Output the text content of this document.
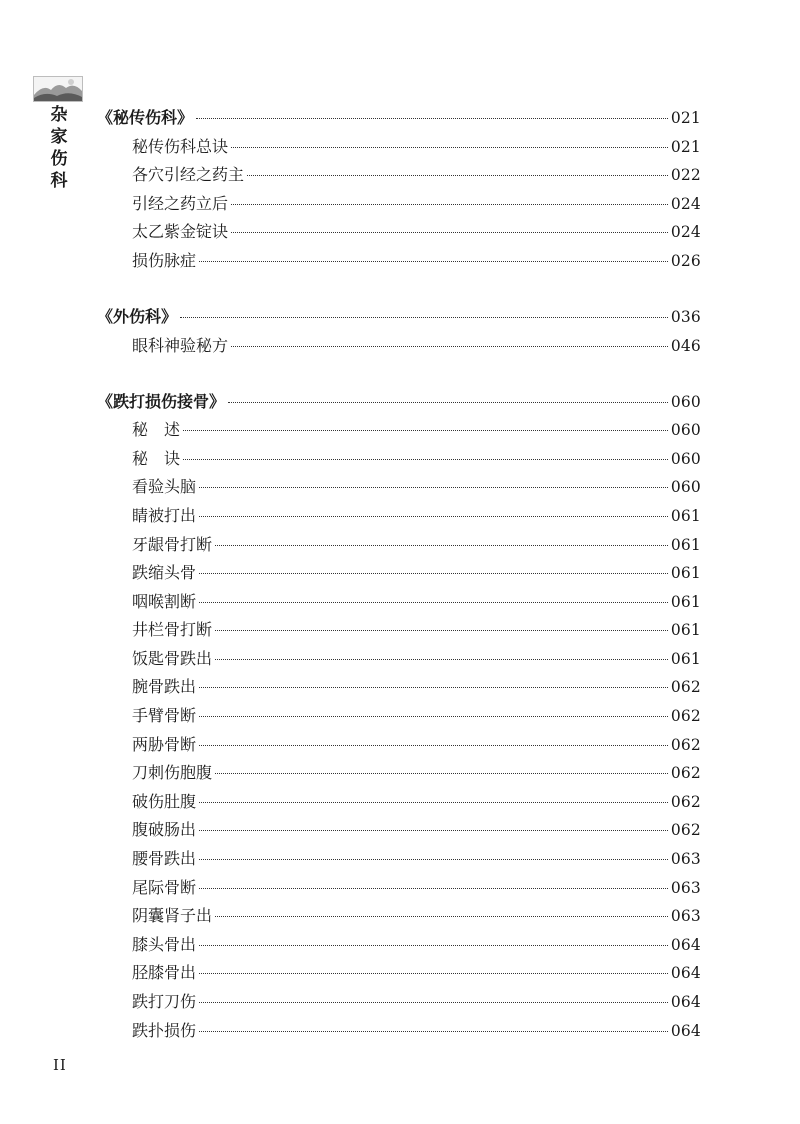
杂
家
伤
科
《秘传伤科》	021
秘传伤科总诀	021
各穴引经之药主	022
引经之药立后	024
太乙紫金锭诀	024
损伤脉症	026
《外伤科》	036
眼科神验秘方	046
《跌打损伤接骨》	060
秘　述	060
秘　诀	060
看验头脑	060
睛被打出	061
牙龈骨打断	061
跌缩头骨	061
咽喉割断	061
井栏骨打断	061
饭匙骨跌出	061
腕骨跌出	062
手臂骨断	062
两胁骨断	062
刀刺伤胞腹	062
破伤肚腹	062
腹破肠出	062
腰骨跌出	063
尾际骨断	063
阴囊肾子出	063
膝头骨出	064
胫膝骨出	064
跌打刀伤	064
跌扑损伤	064
II
